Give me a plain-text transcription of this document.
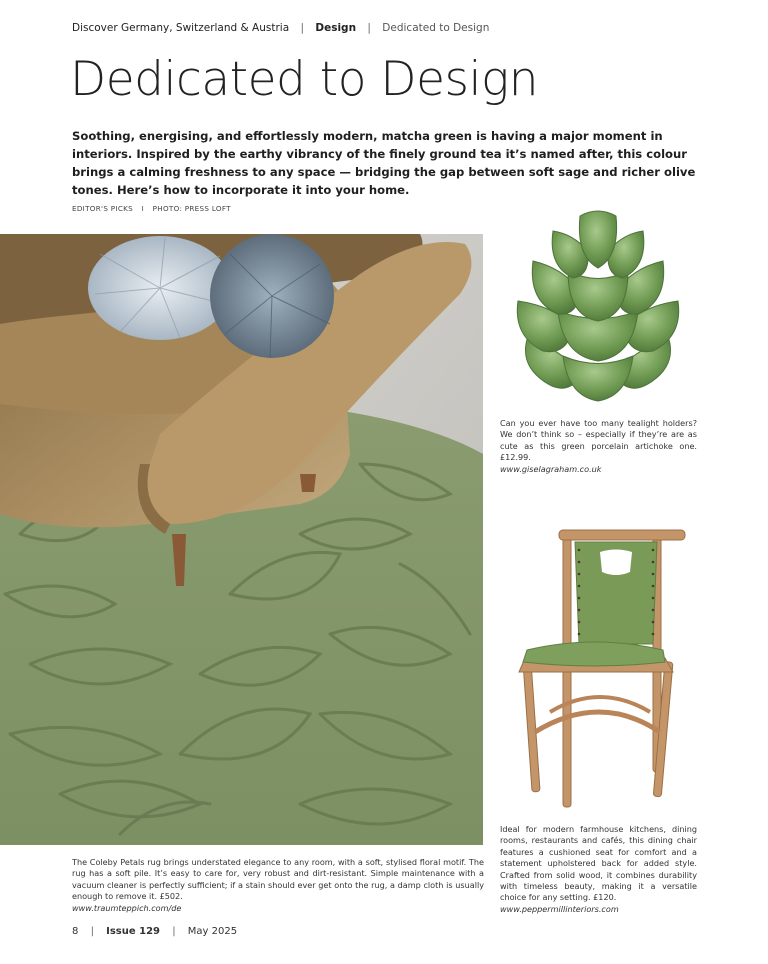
Discover Germany, Switzerland & Austria | Design | Dedicated to Design
Dedicated to Design

Soothing, energising, and effortlessly modern, matcha green is having a major moment in interiors. Inspired by the earthy vibrancy of the finely ground tea it’s named after, this colour brings a calming freshness to any space — bridging the gap between soft sage and richer olive tones. Here’s how to incorporate it into your home.

EDITOR'S PICKS I PHOTO: PRESS LOFT

The Coleby Petals rug brings understated elegance to any room, with a soft, stylised floral motif. The rug has a soft pile. It’s easy to care for, very robust and dirt-resistant. Simple maintenance with a vacuum cleaner is perfectly sufficient; if a stain should ever get onto the rug, a damp cloth is usually enough to remove it. £502.
www.traumteppich.com/de

Can you ever have too many tealight holders? We don’t think so – especially if they’re are as cute as this green porcelain artichoke one. £12.99.
www.giselagraham.co.uk

Ideal for modern farmhouse kitchens, dining rooms, restaurants and cafés, this dining chair features a cushioned seat for comfort and a statement upholstered back for added style. Crafted from solid wood, it combines durability with timeless beauty, making it a versatile choice for any setting. £120.
www.peppermillinteriors.com

8 | Issue 129 | May 2025
